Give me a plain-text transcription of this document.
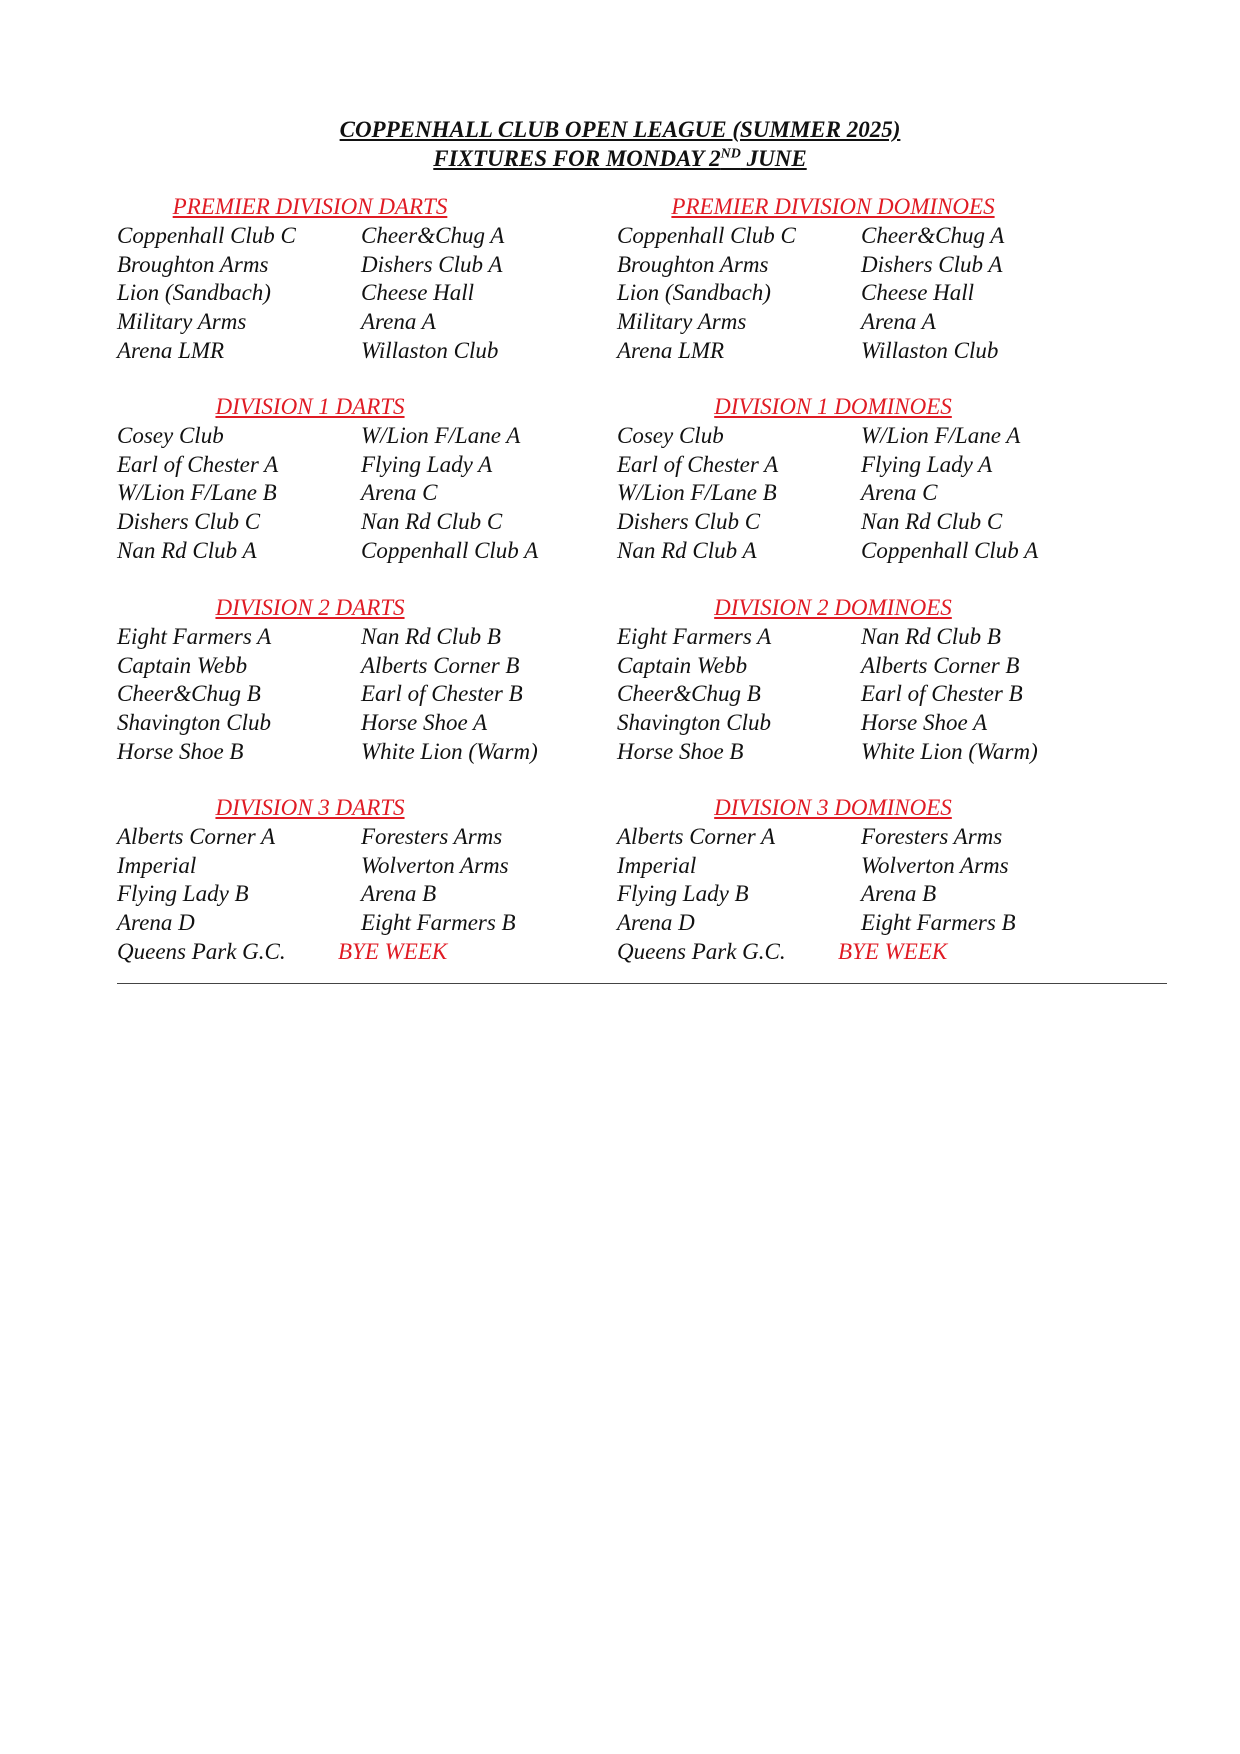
COPPENHALL CLUB OPEN LEAGUE (SUMMER 2025)
FIXTURES FOR MONDAY 2ND JUNE
PREMIER DIVISION DARTS
Coppenhall Club C	Cheer&Chug A
Broughton Arms	Dishers Club A
Lion (Sandbach)	Cheese Hall
Military Arms	Arena A
Arena LMR	Willaston Club
PREMIER DIVISION DOMINOES
Coppenhall Club C	Cheer&Chug A
Broughton Arms	Dishers Club A
Lion (Sandbach)	Cheese Hall
Military Arms	Arena A
Arena LMR	Willaston Club
DIVISION 1 DARTS
Cosey Club	W/Lion F/Lane A
Earl of Chester A	Flying Lady A
W/Lion F/Lane B	Arena C
Dishers Club C	Nan Rd Club C
Nan Rd Club A	Coppenhall Club A
DIVISION 1 DOMINOES
Cosey Club	W/Lion F/Lane A
Earl of Chester A	Flying Lady A
W/Lion F/Lane B	Arena C
Dishers Club C	Nan Rd Club C
Nan Rd Club A	Coppenhall Club A
DIVISION 2 DARTS
Eight Farmers A	Nan Rd Club B
Captain Webb	Alberts Corner B
Cheer&Chug B	Earl of Chester B
Shavington Club	Horse Shoe A
Horse Shoe B	White Lion (Warm)
DIVISION 2 DOMINOES
Eight Farmers A	Nan Rd Club B
Captain Webb	Alberts Corner B
Cheer&Chug B	Earl of Chester B
Shavington Club	Horse Shoe A
Horse Shoe B	White Lion (Warm)
DIVISION 3 DARTS
Alberts Corner A	Foresters Arms
Imperial	Wolverton Arms
Flying Lady B	Arena B
Arena D	Eight Farmers B
Queens Park G.C. BYE WEEK
DIVISION 3 DOMINOES
Alberts Corner A	Foresters Arms
Imperial	Wolverton Arms
Flying Lady B	Arena B
Arena D	Eight Farmers B
Queens Park G.C. BYE WEEK
